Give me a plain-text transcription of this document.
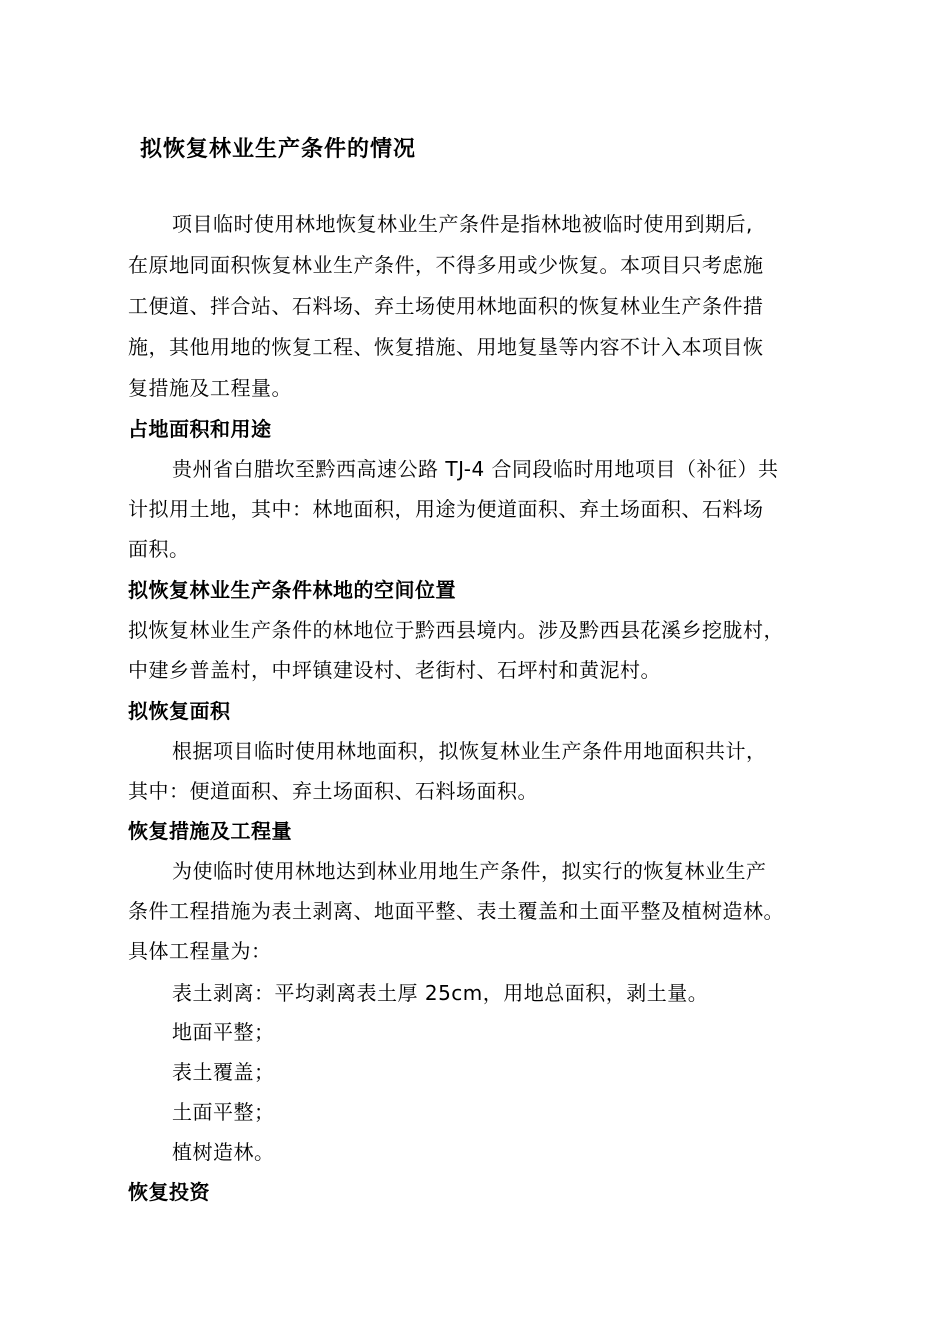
拟恢复林业生产条件的情况
项目临时使用林地恢复林业生产条件是指林地被临时使用到期后,
在原地同面积恢复林业生产条件，不得多用或少恢复。本项目只考虑施
工便道、拌合站、石料场、弃土场使用林地面积的恢复林业生产条件措
施，其他用地的恢复工程、恢复措施、用地复垦等内容不计入本项目恢
复措施及工程量。
占地面积和用途
贵州省白腊坎至黔西高速公路 TJ-4 合同段临时用地项目（补征）共
计拟用土地，其中：林地面积，用途为便道面积、弃土场面积、石料场
面积。
拟恢复林业生产条件林地的空间位置
拟恢复林业生产条件的林地位于黔西县境内。涉及黔西县花溪乡挖胧村，
中建乡普盖村，中坪镇建设村、老街村、石坪村和黄泥村。
拟恢复面积
根据项目临时使用林地面积，拟恢复林业生产条件用地面积共计，
其中：便道面积、弃土场面积、石料场面积。
恢复措施及工程量
为使临时使用林地达到林业用地生产条件，拟实行的恢复林业生产
条件工程措施为表土剥离、地面平整、表土覆盖和土面平整及植树造林。
具体工程量为：
表土剥离：平均剥离表土厚 25cm，用地总面积，剥土量。
地面平整；
表土覆盖；
土面平整；
植树造林。
恢复投资
